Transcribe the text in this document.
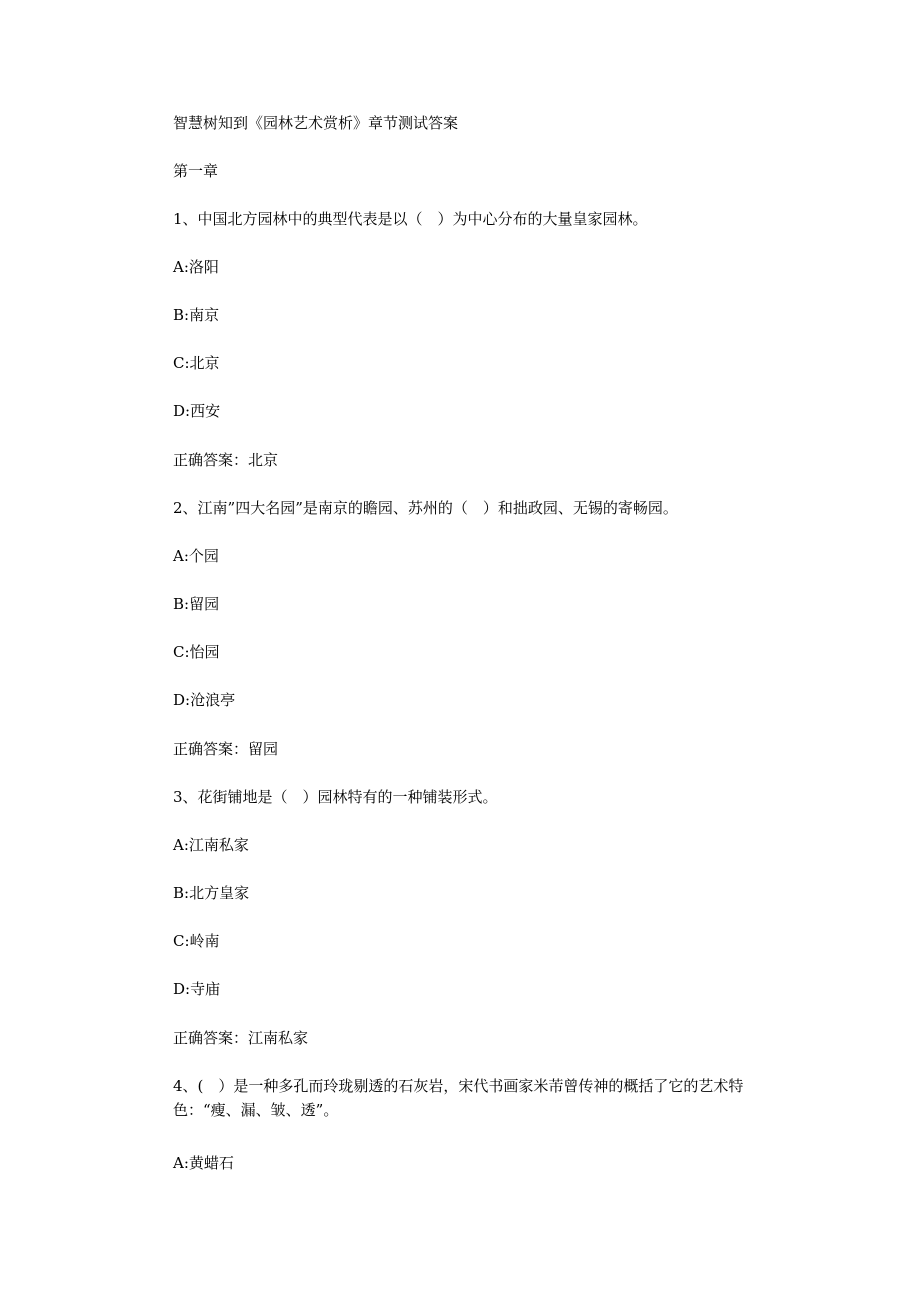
智慧树知到《园林艺术赏析》章节测试答案
第一章
1、中国北方园林中的典型代表是以（　）为中心分布的大量皇家园林。
A:洛阳
B:南京
C:北京
D:西安
正确答案：北京
2、江南”四大名园”是南京的瞻园、苏州的（　）和拙政园、无锡的寄畅园。
A:个园
B:留园
C:怡园
D:沧浪亭
正确答案：留园
3、花街铺地是（　）园林特有的一种铺装形式。
A:江南私家
B:北方皇家
C:岭南
D:寺庙
正确答案：江南私家
4、(　）是一种多孔而玲珑剔透的石灰岩，宋代书画家米芾曾传神的概括了它的艺术特色：“瘦、漏、皱、透”。
A:黄蜡石
